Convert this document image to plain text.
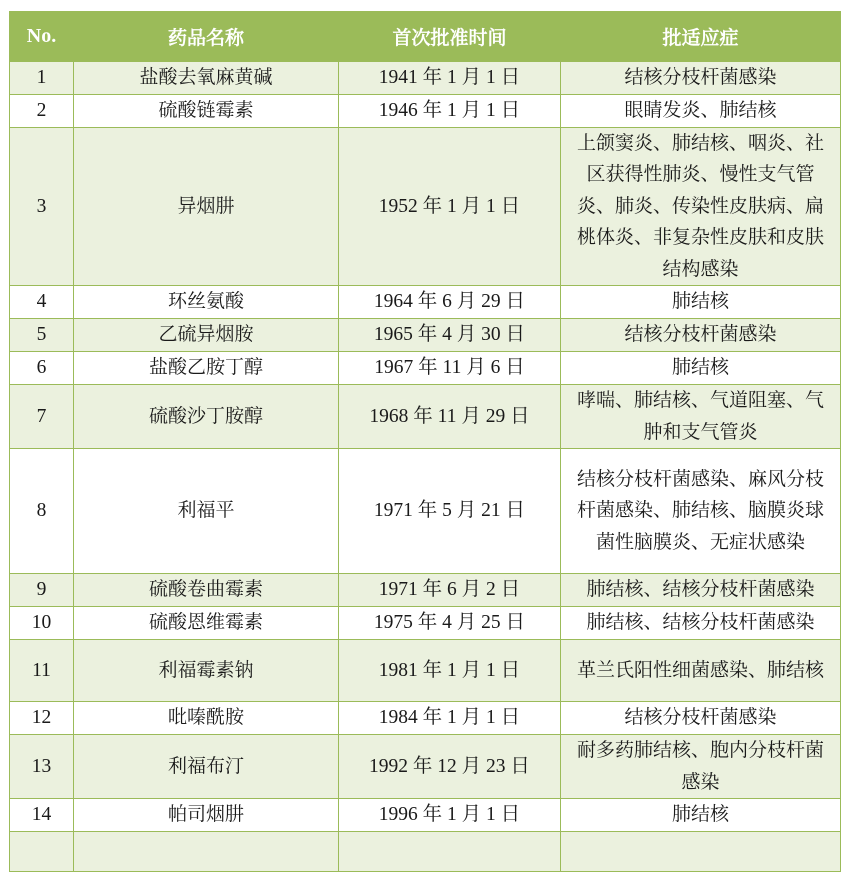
No.	药品名称	首次批准时间	批适应症
1	盐酸去氧麻黄碱	1941 年 1 月 1 日	结核分枝杆菌感染
2	硫酸链霉素	1946 年 1 月 1 日	眼睛发炎、肺结核
3	异烟肼	1952 年 1 月 1 日	上颌窦炎、肺结核、咽炎、社区获得性肺炎、慢性支气管炎、肺炎、传染性皮肤病、扁桃体炎、非复杂性皮肤和皮肤结构感染
4	环丝氨酸	1964 年 6 月 29 日	肺结核
5	乙硫异烟胺	1965 年 4 月 30 日	结核分枝杆菌感染
6	盐酸乙胺丁醇	1967 年 11 月 6 日	肺结核
7	硫酸沙丁胺醇	1968 年 11 月 29 日	哮喘、肺结核、气道阻塞、气肿和支气管炎
8	利福平	1971 年 5 月 21 日	结核分枝杆菌感染、麻风分枝杆菌感染、肺结核、脑膜炎球菌性脑膜炎、无症状感染
9	硫酸卷曲霉素	1971 年 6 月 2 日	肺结核、结核分枝杆菌感染
10	硫酸恩维霉素	1975 年 4 月 25 日	肺结核、结核分枝杆菌感染
11	利福霉素钠	1981 年 1 月 1 日	革兰氏阳性细菌感染、肺结核
12	吡嗪酰胺	1984 年 1 月 1 日	结核分枝杆菌感染
13	利福布汀	1992 年 12 月 23 日	耐多药肺结核、胞内分枝杆菌感染
14	帕司烟肼	1996 年 1 月 1 日	肺结核
